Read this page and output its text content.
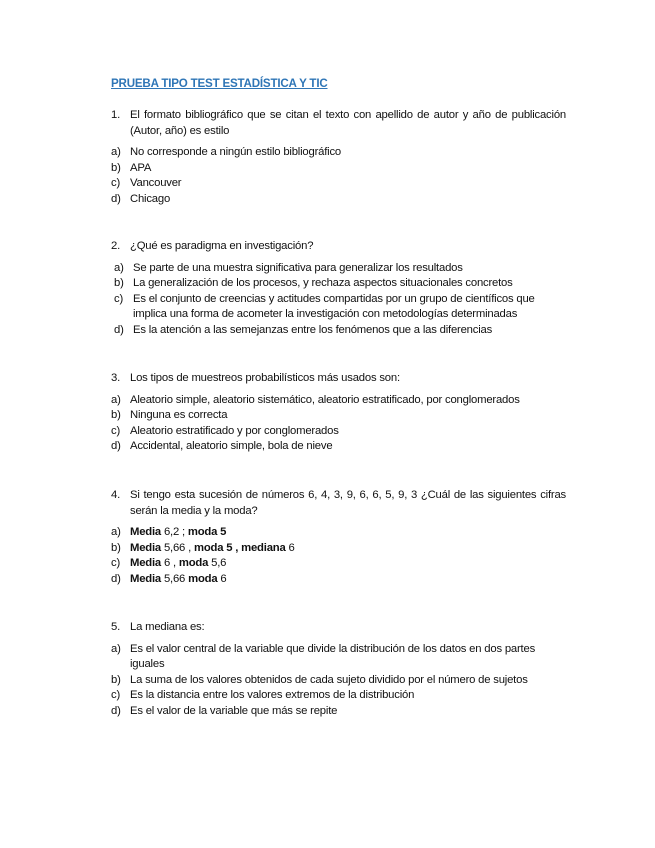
PRUEBA TIPO TEST ESTADÍSTICA Y TIC
1. El formato bibliográfico que se citan el texto con apellido de autor y año de publicación (Autor, año) es estilo
a) No corresponde a ningún estilo bibliográfico
b) APA
c) Vancouver
d) Chicago
2. ¿Qué es paradigma en investigación?
a) Se parte de una muestra significativa para generalizar los resultados
b) La generalización de los procesos, y rechaza aspectos situacionales concretos
c) Es el conjunto de creencias y actitudes compartidas por un grupo de científicos que implica una forma de acometer la investigación con metodologías determinadas
d) Es la atención a las semejanzas entre los fenómenos que a las diferencias
3. Los tipos de muestreos probabilísticos más usados son:
a) Aleatorio simple, aleatorio sistemático, aleatorio estratificado, por conglomerados
b) Ninguna es correcta
c) Aleatorio estratificado y por conglomerados
d) Accidental, aleatorio simple, bola de nieve
4. Si tengo esta sucesión de números 6, 4, 3, 9, 6, 6, 5, 9, 3 ¿Cuál de las siguientes cifras serán la media y la moda?
a) Media 6,2 ; moda 5
b) Media 5,66 , moda 5 , mediana 6
c) Media 6 , moda 5,6
d) Media 5,66 moda 6
5. La mediana es:
a) Es el valor central de la variable que divide la distribución de los datos en dos partes iguales
b) La suma de los valores obtenidos de cada sujeto dividido por el número de sujetos
c) Es la distancia entre los valores extremos de la distribución
d) Es el valor de la variable que más se repite
